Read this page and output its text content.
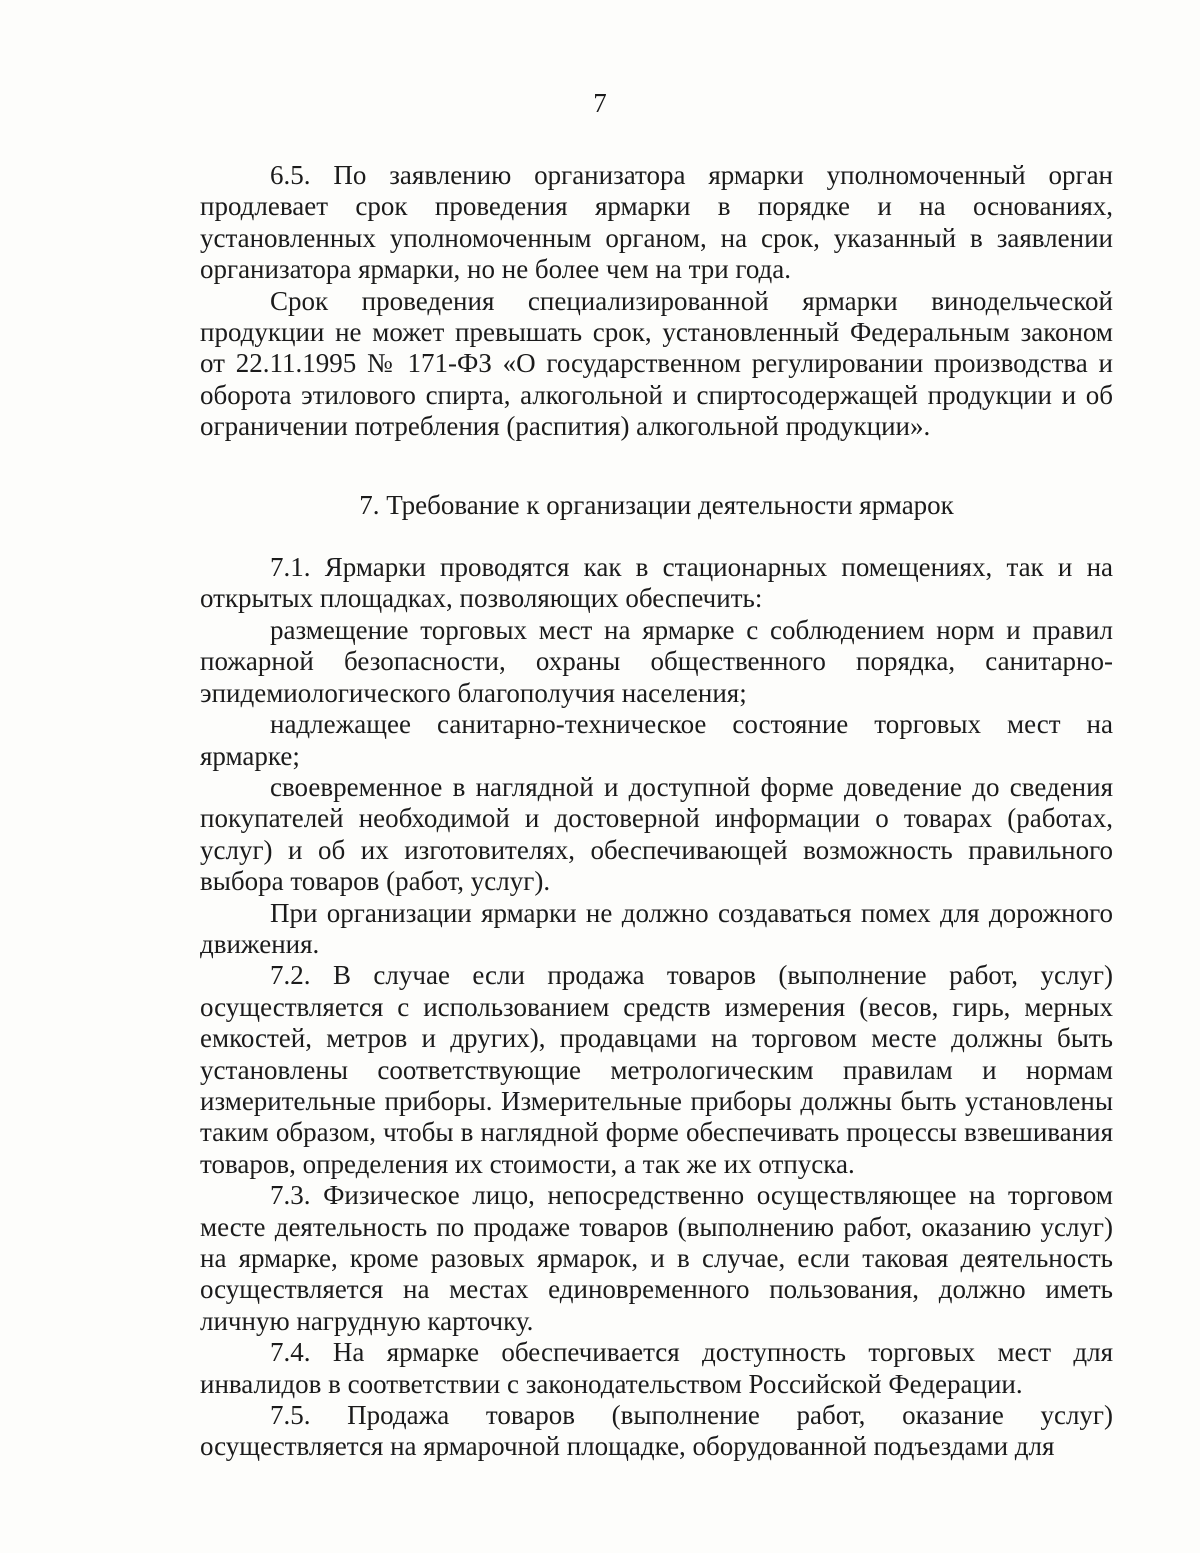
7

6.5. По заявлению организатора ярмарки уполномоченный орган продлевает срок проведения ярмарки в порядке и на основаниях, установленных уполномоченным органом, на срок, указанный в заявлении организатора ярмарки, но не более чем на три года.

Срок проведения специализированной ярмарки винодельческой продукции не может превышать срок, установленный Федеральным законом от 22.11.1995 № 171-ФЗ «О государственном регулировании производства и оборота этилового спирта, алкогольной и спиртосодержащей продукции и об ограничении потребления (распития) алкогольной продукции».

7. Требование к организации деятельности ярмарок

7.1. Ярмарки проводятся как в стационарных помещениях, так и на открытых площадках, позволяющих обеспечить:

размещение торговых мест на ярмарке с соблюдением норм и правил пожарной безопасности, охраны общественного порядка, санитарно-эпидемиологического благополучия населения;

надлежащее санитарно-техническое состояние торговых мест на ярмарке;

своевременное в наглядной и доступной форме доведение до сведения покупателей необходимой и достоверной информации о товарах (работах, услуг) и об их изготовителях, обеспечивающей возможность правильного выбора товаров (работ, услуг).

При организации ярмарки не должно создаваться помех для дорожного движения.

7.2. В случае если продажа товаров (выполнение работ, услуг) осуществляется с использованием средств измерения (весов, гирь, мерных емкостей, метров и других), продавцами на торговом месте должны быть установлены соответствующие метрологическим правилам и нормам измерительные приборы. Измерительные приборы должны быть установлены таким образом, чтобы в наглядной форме обеспечивать процессы взвешивания товаров, определения их стоимости, а так же их отпуска.

7.3. Физическое лицо, непосредственно осуществляющее на торговом месте деятельность по продаже товаров (выполнению работ, оказанию услуг) на ярмарке, кроме разовых ярмарок, и в случае, если таковая деятельность осуществляется на местах единовременного пользования, должно иметь личную нагрудную карточку.

7.4. На ярмарке обеспечивается доступность торговых мест для инвалидов в соответствии с законодательством Российской Федерации.

7.5. Продажа товаров (выполнение работ, оказание услуг) осуществляется на ярмарочной площадке, оборудованной подъездами для
